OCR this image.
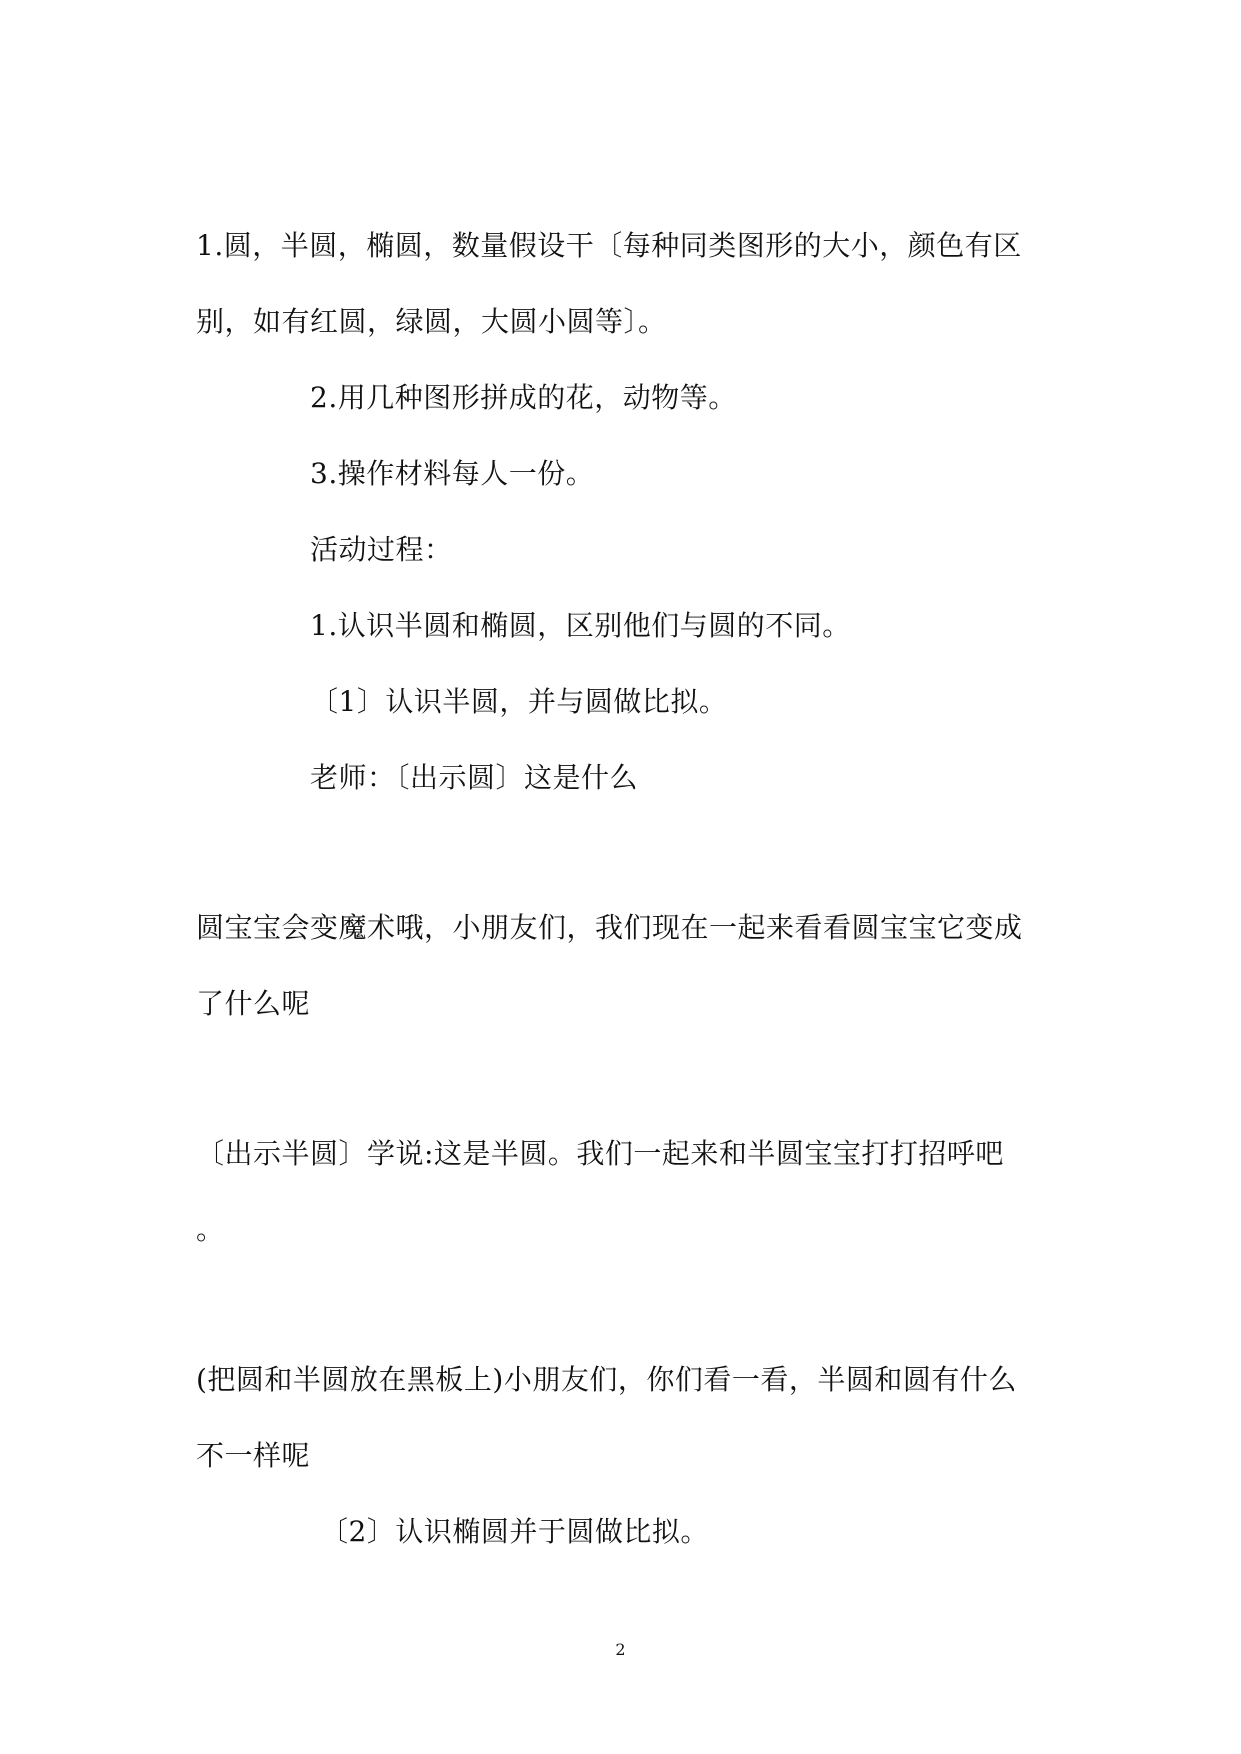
1.圆，半圆，椭圆，数量假设干〔每种同类图形的大小，颜色有区
别，如有红圆，绿圆，大圆小圆等〕。
2.用几种图形拼成的花，动物等。
3.操作材料每人一份。
活动过程：
1.认识半圆和椭圆，区别他们与圆的不同。
〔1〕认识半圆，并与圆做比拟。
老师：〔出示圆〕这是什么
圆宝宝会变魔术哦，小朋友们，我们现在一起来看看圆宝宝它变成
了什么呢
〔出示半圆〕学说:这是半圆。我们一起来和半圆宝宝打打招呼吧
。
(把圆和半圆放在黑板上)小朋友们，你们看一看，半圆和圆有什么
不一样呢
〔2〕认识椭圆并于圆做比拟。
2
